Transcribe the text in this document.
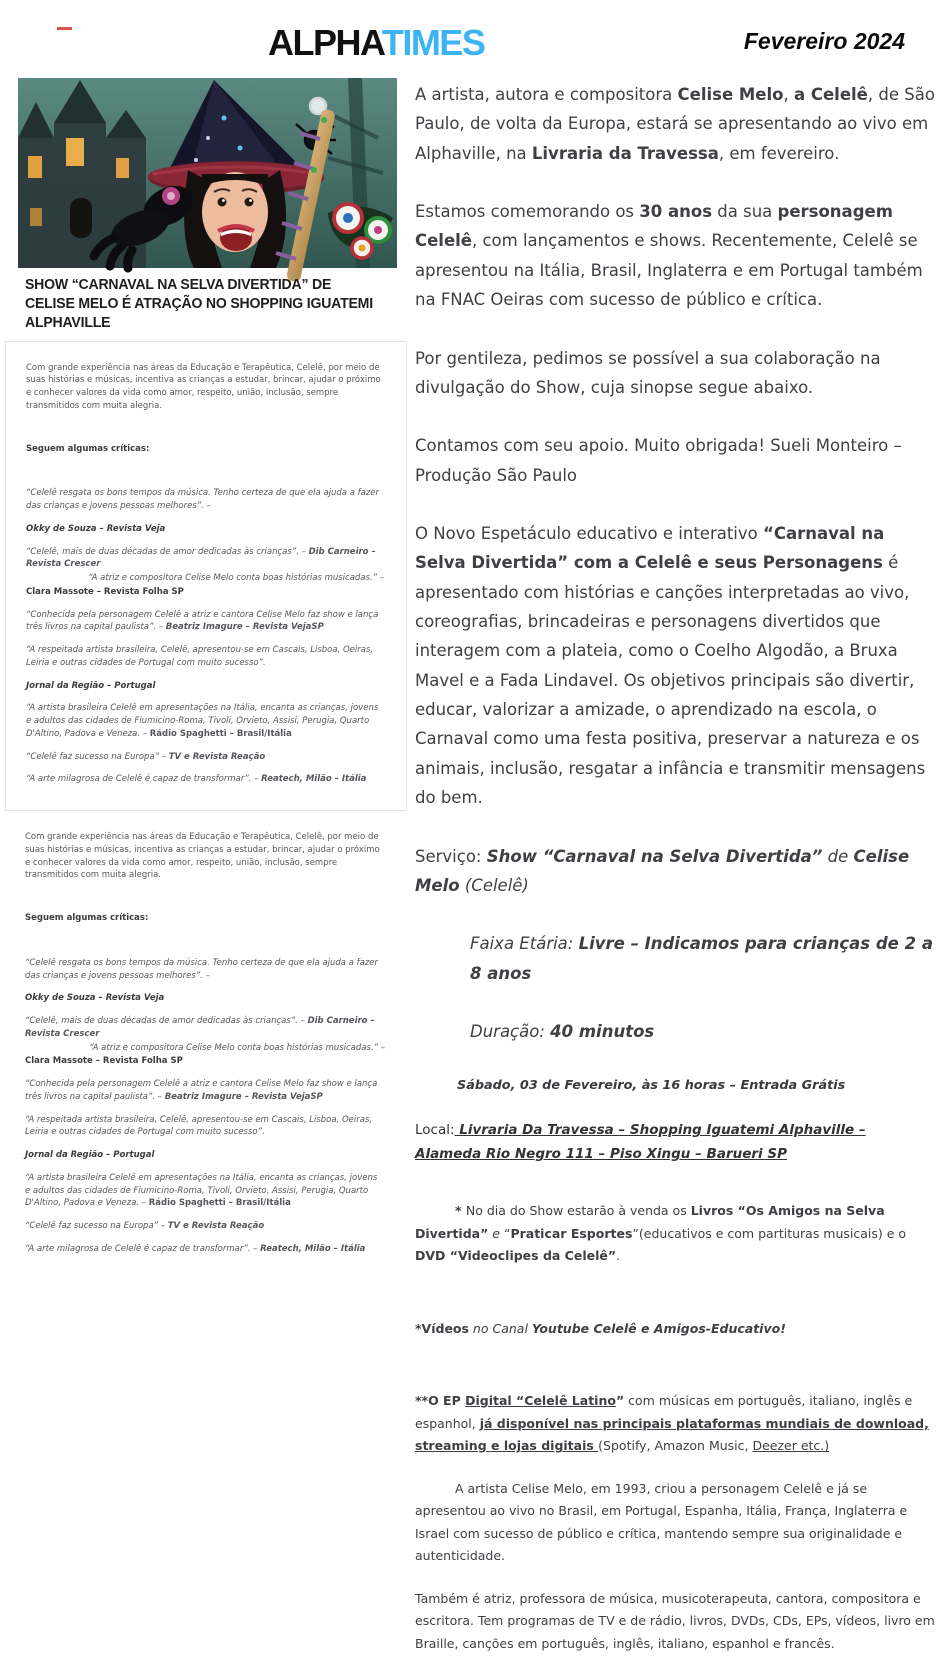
ALPHATIMES	Fevereiro 2024
SHOW “CARNAVAL NA SELVA DIVERTIDA” DE CELISE MELO É ATRAÇÃO NO SHOPPING IGUATEMI ALPHAVILLE
Com grande experiência nas áreas da Educação e Terapêutica, Celelê, por meio de suas histórias e músicas, incentiva as crianças a estudar, brincar, ajudar o próximo e conhecer valores da vida como amor, respeito, união, inclusão, sempre transmitidos com muita alegria.
Seguem algumas críticas:
“Celelê resgata os bons tempos da música. Tenho certeza de que ela ajuda a fazer das crianças e jovens pessoas melhores”. –
Okky de Souza – Revista Veja
“Celelê, mais de duas décadas de amor dedicadas às crianças”. – Dib Carneiro – Revista Crescer
“A atriz e compositora Celise Melo conta boas histórias musicadas.” –
Clara Massote – Revista Folha SP
“Conhecida pela personagem Celelê a atriz e cantora Celise Melo faz show e lança três livros na capital paulista”. – Beatriz Imagure – Revista VejaSP
“A respeitada artista brasileira, Celelê, apresentou-se em Cascais, Lisboa, Oeiras, Leiria e outras cidades de Portugal com muito sucesso”.
Jornal da Região – Portugal
“A artista brasileira Celelê em apresentações na Itália, encanta as crianças, jovens e adultos das cidades de Fiumicino-Roma, Tivoli, Orvieto, Assisi, Perugia, Quarto D'Altino, Padova e Veneza. – Rádio Spaghetti – Brasil/Itália
“Celelê faz sucesso na Europa” – TV e Revista Reação
“A arte milagrosa de Celelê é capaz de transformar”. – Reatech, Milão – Itália
Com grande experiência nas áreas da Educação e Terapêutica, Celelê, por meio de suas histórias e músicas, incentiva as crianças a estudar, brincar, ajudar o próximo e conhecer valores da vida como amor, respeito, união, inclusão, sempre transmitidos com muita alegria.
Seguem algumas críticas:
“Celelê resgata os bons tempos da música. Tenho certeza de que ela ajuda a fazer das crianças e jovens pessoas melhores”. –
Okky de Souza – Revista Veja
“Celelê, mais de duas décadas de amor dedicadas às crianças”. – Dib Carneiro – Revista Crescer
“A atriz e compositora Celise Melo conta boas histórias musicadas.” –
Clara Massote – Revista Folha SP
“Conhecida pela personagem Celelê a atriz e cantora Celise Melo faz show e lança três livros na capital paulista”. – Beatriz Imagure – Revista VejaSP
“A respeitada artista brasileira, Celelê, apresentou-se em Cascais, Lisboa, Oeiras, Leiria e outras cidades de Portugal com muito sucesso”.
Jornal da Região – Portugal
“A artista brasileira Celelê em apresentações na Itália, encanta as crianças, jovens e adultos das cidades de Fiumicino-Roma, Tivoli, Orvieto, Assisi, Perugia, Quarto D'Altino, Padova e Veneza. – Rádio Spaghetti – Brasil/Itália
“Celelê faz sucesso na Europa” – TV e Revista Reação
“A arte milagrosa de Celelê é capaz de transformar”. – Reatech, Milão – Itália
A artista, autora e compositora Celise Melo, a Celelê, de São Paulo, de volta da Europa, estará se apresentando ao vivo em Alphaville, na Livraria da Travessa, em fevereiro.
Estamos comemorando os 30 anos da sua personagem Celelê, com lançamentos e shows. Recentemente, Celelê se apresentou na Itália, Brasil, Inglaterra e em Portugal também na FNAC Oeiras com sucesso de público e crítica.
Por gentileza, pedimos se possível a sua colaboração na divulgação do Show, cuja sinopse segue abaixo.
Contamos com seu apoio. Muito obrigada! Sueli Monteiro – Produção São Paulo
O Novo Espetáculo educativo e interativo “Carnaval na Selva Divertida” com a Celelê e seus Personagens é apresentado com histórias e canções interpretadas ao vivo, coreografias, brincadeiras e personagens divertidos que interagem com a plateia, como o Coelho Algodão, a Bruxa Mavel e a Fada Lindavel. Os objetivos principais são divertir, educar, valorizar a amizade, o aprendizado na escola, o Carnaval como uma festa positiva, preservar a natureza e os animais, inclusão, resgatar a infância e transmitir mensagens do bem.
Serviço: Show “Carnaval na Selva Divertida” de Celise Melo (Celelê)
Faixa Etária: Livre – Indicamos para crianças de 2 a 8 anos
Duração: 40 minutos
Sábado, 03 de Fevereiro, às 16 horas – Entrada Grátis
Local: Livraria Da Travessa – Shopping Iguatemi Alphaville –
Alameda Rio Negro 111 – Piso Xingu – Barueri SP
* No dia do Show estarão à venda os Livros “Os Amigos na Selva Divertida” e “Praticar Esportes”(educativos e com partituras musicais) e o DVD “Videoclipes da Celelê”.
*Vídeos no Canal Youtube Celelê e Amigos-Educativo!
**O EP Digital “Celelê Latino” com músicas em português, italiano, inglês e espanhol, já disponível nas principais plataformas mundiais de download, streaming e lojas digitais (Spotify, Amazon Music, Deezer etc.)
A artista Celise Melo, em 1993, criou a personagem Celelê e já se apresentou ao vivo no Brasil, em Portugal, Espanha, Itália, França, Inglaterra e Israel com sucesso de público e crítica, mantendo sempre sua originalidade e autenticidade.
Também é atriz, professora de música, musicoterapeuta, cantora, compositora e escritora. Tem programas de TV e de rádio, livros, DVDs, CDs, EPs, vídeos, livro em Braille, canções em português, inglês, italiano, espanhol e francês.
